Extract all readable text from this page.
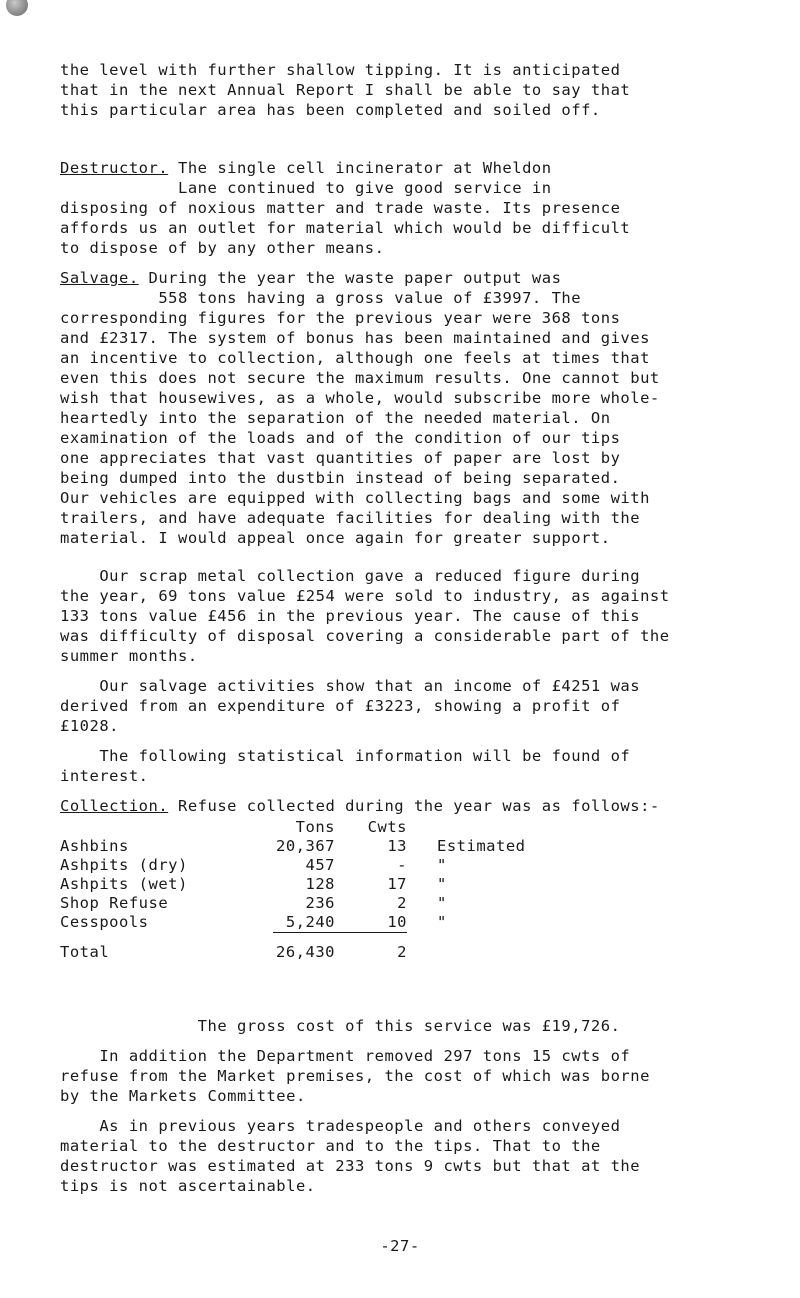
the level with further shallow tipping. It is anticipated
that in the next Annual Report I shall be able to say that
this particular area has been completed and soiled off.

Destructor. The single cell incinerator at Wheldon
Lane continued to give good service in
disposing of noxious matter and trade waste. Its presence
affords us an outlet for material which would be difficult
to dispose of by any other means.

Salvage. During the year the waste paper output was
558 tons having a gross value of £3997. The
corresponding figures for the previous year were 368 tons
and £2317. The system of bonus has been maintained and gives
an incentive to collection, although one feels at times that
even this does not secure the maximum results. One cannot but
wish that housewives, as a whole, would subscribe more whole-
heartedly into the separation of the needed material. On
examination of the loads and of the condition of our tips
one appreciates that vast quantities of paper are lost by
being dumped into the dustbin instead of being separated.
Our vehicles are equipped with collecting bags and some with
trailers, and have adequate facilities for dealing with the
material. I would appeal once again for greater support.

Our scrap metal collection gave a reduced figure during
the year, 69 tons value £254 were sold to industry, as against
133 tons value £456 in the previous year. The cause of this
was difficulty of disposal covering a considerable part of the
summer months.

Our salvage activities show that an income of £4251 was
derived from an expenditure of £3223, showing a profit of
£1028.

The following statistical information will be found of
interest.

Collection. Refuse collected during the year was as follows:-

	Tons	Cwts	
Ashbins	20,367	13	Estimated
Ashpits (dry)	457	-	"
Ashpits (wet)	128	17	"
Shop Refuse	236	2	"
Cesspools	5,240	10	"
Total	26,430	2	

The gross cost of this service was £19,726.

In addition the Department removed 297 tons 15 cwts of
refuse from the Market premises, the cost of which was borne
by the Markets Committee.

As in previous years tradespeople and others conveyed
material to the destructor and to the tips. That to the
destructor was estimated at 233 tons 9 cwts but that at the
tips is not ascertainable.

-27-
